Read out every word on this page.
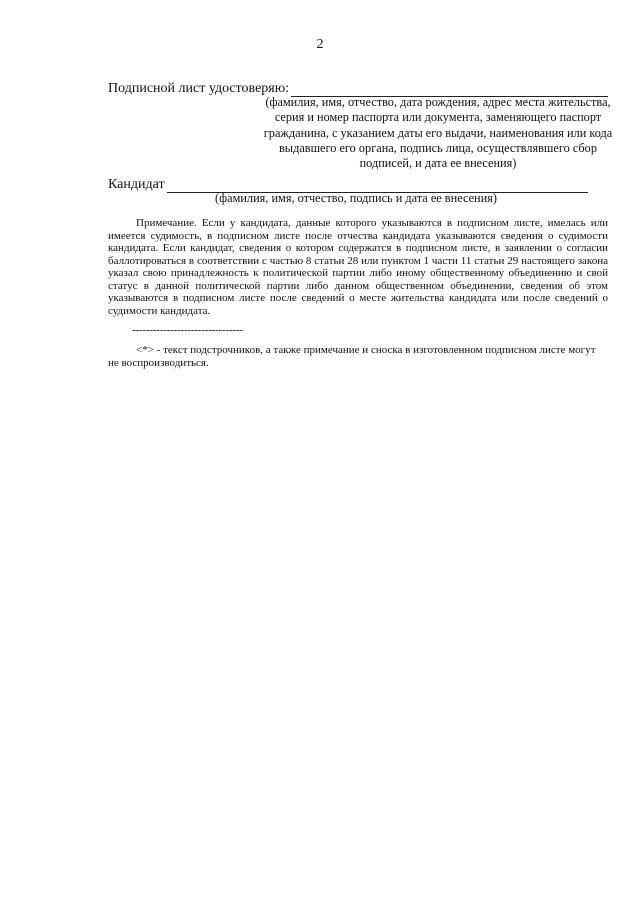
2
Подписной лист удостоверяю:
(фамилия, имя, отчество, дата рождения, адрес места жительства, серия и номер паспорта или документа, заменяющего паспорт гражданина, с указанием даты его выдачи, наименования или кода выдавшего его органа, подпись лица, осуществлявшего сбор подписей, и дата ее внесения)
Кандидат
(фамилия, имя, отчество, подпись и дата ее внесения)

Примечание. Если у кандидата, данные которого указываются в подписном листе, имелась или имеется судимость, в подписном листе после отчества кандидата указываются сведения о судимости кандидата. Если кандидат, сведения о котором содержатся в подписном листе, в заявлении о согласии баллотироваться в соответствии с частью 8 статьи 28 или пунктом 1 части 11 статьи 29 настоящего закона указал свою принадлежность к политической партии либо иному общественному объединению и свой статус в данной политической партии либо данном общественном объединении, сведения об этом указываются в подписном листе после сведений о месте жительства кандидата или после сведений о судимости кандидата.

--------------------------------

<*> - текст подстрочников, а также примечание и сноска в изготовленном подписном листе могут не воспроизводиться.
